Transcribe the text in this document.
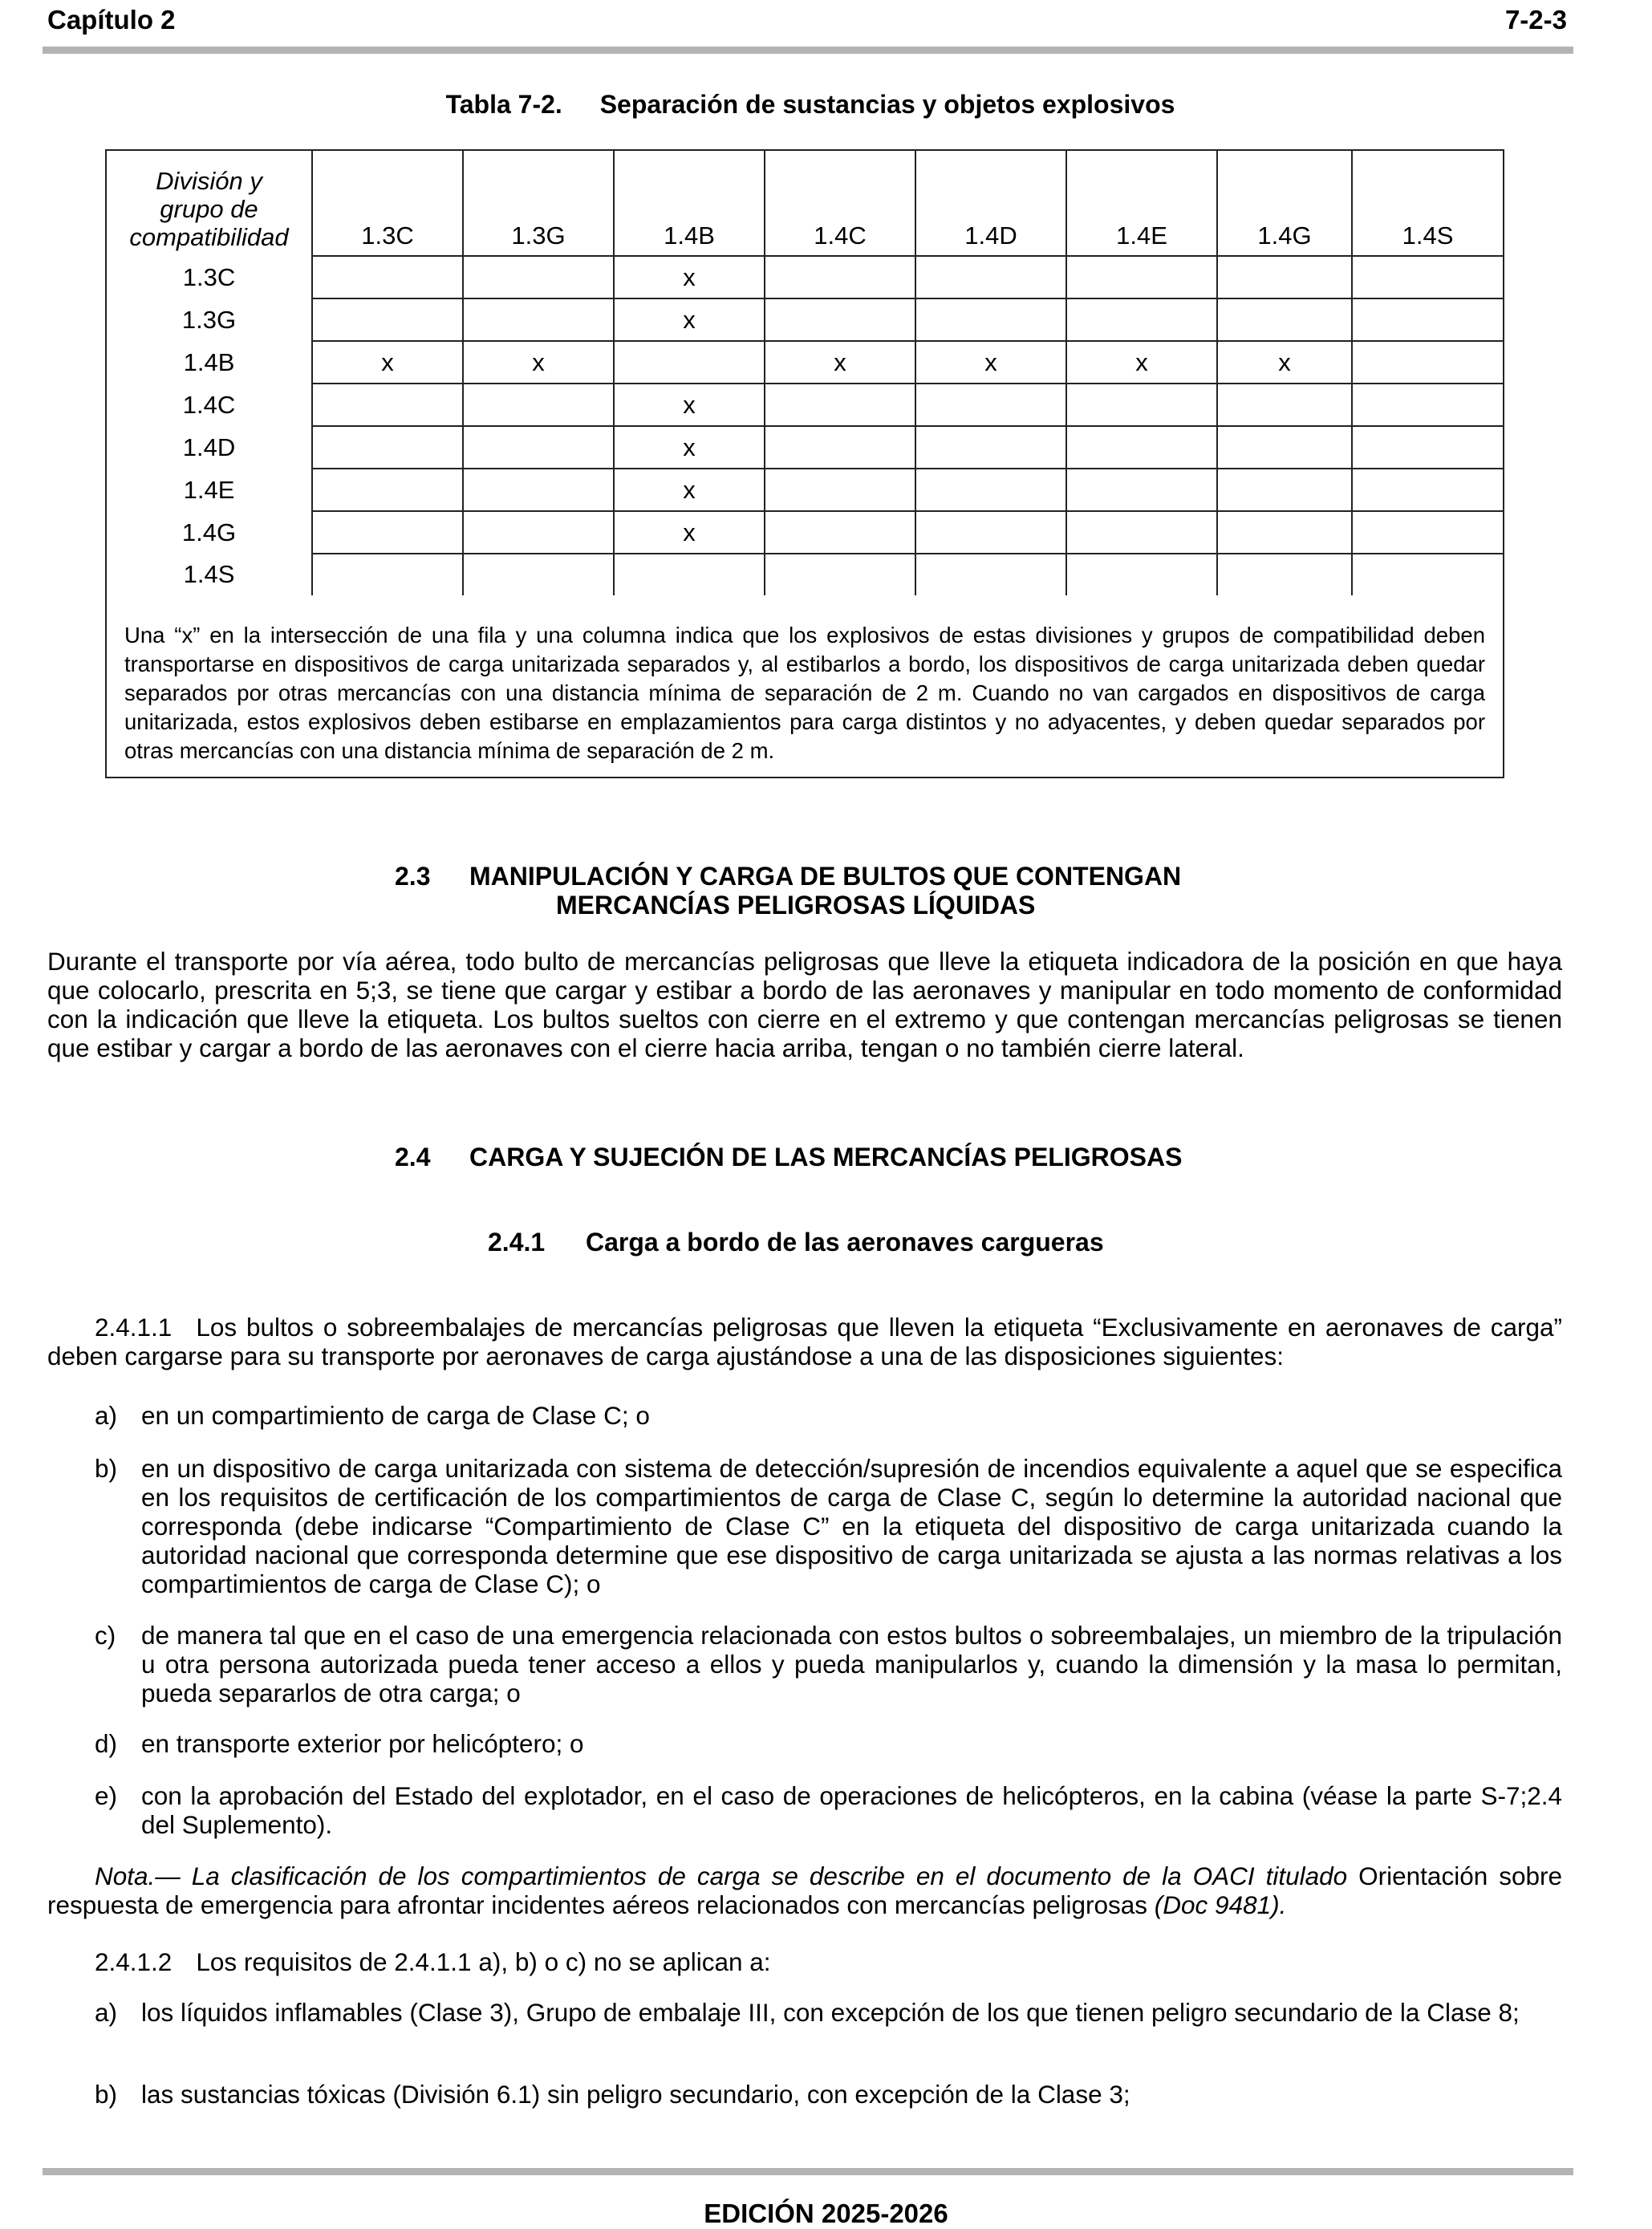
Capítulo 2	7-2-3
Tabla 7-2. Separación de sustancias y objetos explosivos
División y
grupo de
compatibilidad	1.3C	1.3G	1.4B	1.4C	1.4D	1.4E	1.4G	1.4S
1.3C			x					
1.3G			x					
1.4B	x	x		x	x	x	x	
1.4C			x					
1.4D			x					
1.4E			x					
1.4G			x					
1.4S								
Una “x” en la intersección de una fila y una columna indica que los explosivos de estas divisiones y grupos de compatibilidad deben transportarse en dispositivos de carga unitarizada separados y, al estibarlos a bordo, los dispositivos de carga unitarizada deben quedar separados por otras mercancías con una distancia mínima de separación de 2 m. Cuando no van cargados en dispositivos de carga unitarizada, estos explosivos deben estibarse en emplazamientos para carga distintos y no adyacentes, y deben quedar separados por otras mercancías con una distancia mínima de separación de 2 m.
2.3 MANIPULACIÓN Y CARGA DE BULTOS QUE CONTENGAN
MERCANCÍAS PELIGROSAS LÍQUIDAS
Durante el transporte por vía aérea, todo bulto de mercancías peligrosas que lleve la etiqueta indicadora de la posición en que haya que colocarlo, prescrita en 5;3, se tiene que cargar y estibar a bordo de las aeronaves y manipular en todo momento de conformidad con la indicación que lleve la etiqueta. Los bultos sueltos con cierre en el extremo y que contengan mercancías peligrosas se tienen que estibar y cargar a bordo de las aeronaves con el cierre hacia arriba, tengan o no también cierre lateral.
2.4 CARGA Y SUJECIÓN DE LAS MERCANCÍAS PELIGROSAS
2.4.1 Carga a bordo de las aeronaves cargueras
2.4.1.1 Los bultos o sobreembalajes de mercancías peligrosas que lleven la etiqueta “Exclusivamente en aeronaves de carga” deben cargarse para su transporte por aeronaves de carga ajustándose a una de las disposiciones siguientes:
a) en un compartimiento de carga de Clase C; o
b) en un dispositivo de carga unitarizada con sistema de detección/supresión de incendios equivalente a aquel que se especifica en los requisitos de certificación de los compartimientos de carga de Clase C, según lo determine la autoridad nacional que corresponda (debe indicarse “Compartimiento de Clase C” en la etiqueta del dispositivo de carga unitarizada cuando la autoridad nacional que corresponda determine que ese dispositivo de carga unitarizada se ajusta a las normas relativas a los compartimientos de carga de Clase C); o
c) de manera tal que en el caso de una emergencia relacionada con estos bultos o sobreembalajes, un miembro de la tripulación u otra persona autorizada pueda tener acceso a ellos y pueda manipularlos y, cuando la dimensión y la masa lo permitan, pueda separarlos de otra carga; o
d) en transporte exterior por helicóptero; o
e) con la aprobación del Estado del explotador, en el caso de operaciones de helicópteros, en la cabina (véase la parte S-7;2.4 del Suplemento).
Nota.— La clasificación de los compartimientos de carga se describe en el documento de la OACI titulado Orientación sobre respuesta de emergencia para afrontar incidentes aéreos relacionados con mercancías peligrosas (Doc 9481).
2.4.1.2 Los requisitos de 2.4.1.1 a), b) o c) no se aplican a:
a) los líquidos inflamables (Clase 3), Grupo de embalaje III, con excepción de los que tienen peligro secundario de la Clase 8;
b) las sustancias tóxicas (División 6.1) sin peligro secundario, con excepción de la Clase 3;
EDICIÓN 2025-2026
